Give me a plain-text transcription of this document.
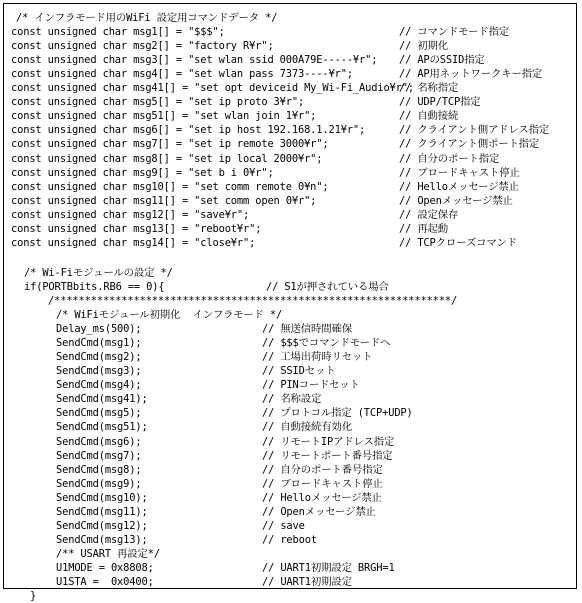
/* インフラモード用のWiFi 設定用コマンドデータ */
const unsigned char msg1[] = "$$$";	// コマンドモード指定
const unsigned char msg2[] = "factory R¥r";	// 初期化
const unsigned char msg3[] = "set wlan ssid 000A79E-----¥r"; // APのSSID指定
const unsigned char msg4[] = "set wlan pass 7373----¥r";	// AP用ネットワークキー指定
const unsigned char msg41[] = "set opt deviceid My_Wi-Fi_Audio¥r";
// 名称指定
const unsigned char msg5[] = "set ip proto 3¥r";	// UDP/TCP指定
const unsigned char msg51[] = "set wlan join 1¥r";	// 自動接続
const unsigned char msg6[] = "set ip host 192.168.1.21¥r";	// クライアント側アドレス指定
const unsigned char msg7[] = "set ip remote 3000¥r";	// クライアント側ポート指定
const unsigned char msg8[] = "set ip local 2000¥r";	// 自分のポート指定
const unsigned char msg9[] = "set b i 0¥r";	// ブロードキャスト停止
const unsigned char msg10[] = "set comm remote 0¥n";	// Helloメッセージ禁止
const unsigned char msg11[] = "set comm open 0¥r";	// Openメッセージ禁止
const unsigned char msg12[] = "save¥r";	// 設定保存
const unsigned char msg13[] = "reboot¥r";	// 再起動
const unsigned char msg14[] = "close¥r";	// TCPクローズコマンド
/* Wi-Fiモジュールの設定 */
if(PORTBbits.RB6 == 0){	// S1が押されている場合
/*****************************************************************/
/* WiFiモジュール初期化  インフラモード */
Delay_ms(500);	// 無送信時間確保
SendCmd(msg1);	// $$$でコマンドモードへ
SendCmd(msg2);	// 工場出荷時リセット
SendCmd(msg3);	// SSIDセット
SendCmd(msg4);	// PINコードセット
SendCmd(msg41);	// 名称設定
SendCmd(msg5);	// プロトコル指定 (TCP+UDP)
SendCmd(msg51);	// 自動接続有効化
SendCmd(msg6);	// リモートIPアドレス指定
SendCmd(msg7);	// リモートポート番号指定
SendCmd(msg8);	// 自分のポート番号指定
SendCmd(msg9);	// ブロードキャスト停止
SendCmd(msg10);	// Helloメッセージ禁止
SendCmd(msg11);	// Openメッセージ禁止
SendCmd(msg12);	// save
SendCmd(msg13);	// reboot
/** USART 再設定*/
U1MODE = 0x8808;	// UART1初期設定 BRGH=1
U1STA =  0x0400;	// UART1初期設定
}
